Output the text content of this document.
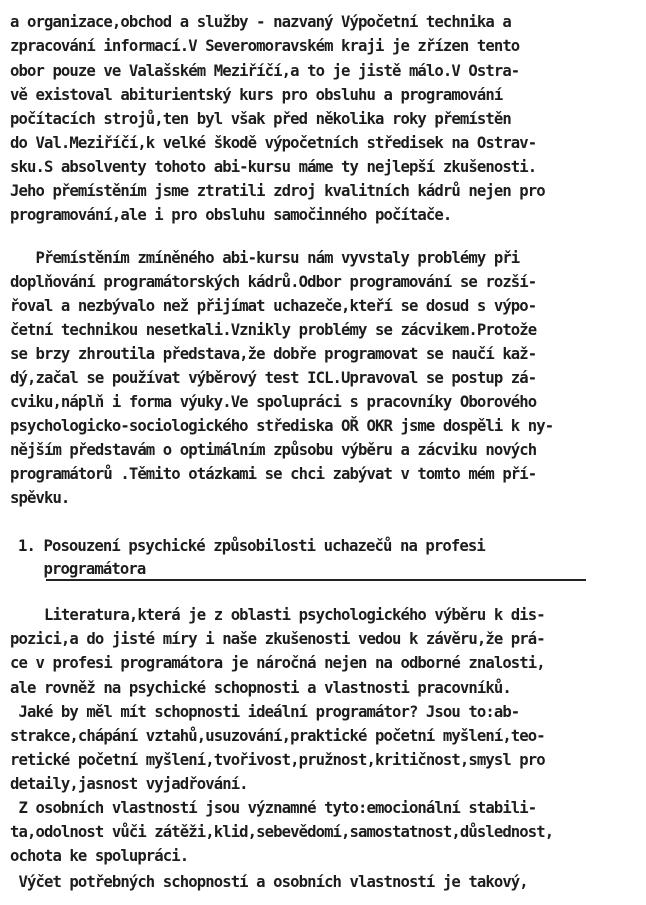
a organizace,obchod a služby - nazvaný Výpočetní technika a
zpracování informací.V Severomoravském kraji je zřízen tento
obor pouze ve Valašském Meziříčí,a to je jistě málo.V Ostra-
vě existoval abiturientský kurs pro obsluhu a programování
počítacích strojů,ten byl však před několika roky přemístěn
do Val.Meziříčí,k velké škodě výpočetních středisek na Ostrav-
sku.S absolventy tohoto abi-kursu máme ty nejlepší zkušenosti.
Jeho přemístěním jsme ztratili zdroj kvalitních kádrů nejen pro
programování,ale i pro obsluhu samočinného počítače.
Přemístěním zmíněného abi-kursu nám vyvstaly problémy při
doplňování programátorských kádrů.Odbor programování se rozší-
řoval a nezbývalo než přijímat uchazeče,kteří se dosud s výpo-
četní technikou nesetkali.Vznikly problémy se zácvikem.Protože
se brzy zhroutila představa,že dobře programovat se naučí kaž-
dý,začal se používat výběrový test ICL.Upravoval se postup zá-
cviku,náplň i forma výuky.Ve spolupráci s pracovníky Oborového
psychologicko-sociologického střediska OŘ OKR jsme dospěli k ny-
nějším představám o optimálním způsobu výběru a zácviku nových
programátorů .Těmito otázkami se chci zabývat v tomto mém pří-
spěvku.
1. Posouzení psychické způsobilosti uchazečů na profesi
programátora
Literatura,která je z oblasti psychologického výběru k dis-
pozici,a do jisté míry i naše zkušenosti vedou k závěru,že prá-
ce v profesi programátora je náročná nejen na odborné znalosti,
ale rovněž na psychické schopnosti a vlastnosti pracovníků.
Jaké by měl mít schopnosti ideální programátor? Jsou to:ab-
strakce,chápání vztahů,usuzování,praktické početní myšlení,teo-
retické početní myšlení,tvořivost,pružnost,kritičnost,smysl pro
detaily,jasnost vyjadřování.
Z osobních vlastností jsou významné tyto:emocionální stabili-
ta,odolnost vůči zátěži,klid,sebevědomí,samostatnost,důslednost,
ochota ke spolupráci.
Výčet potřebných schopností a osobních vlastností je takový,
